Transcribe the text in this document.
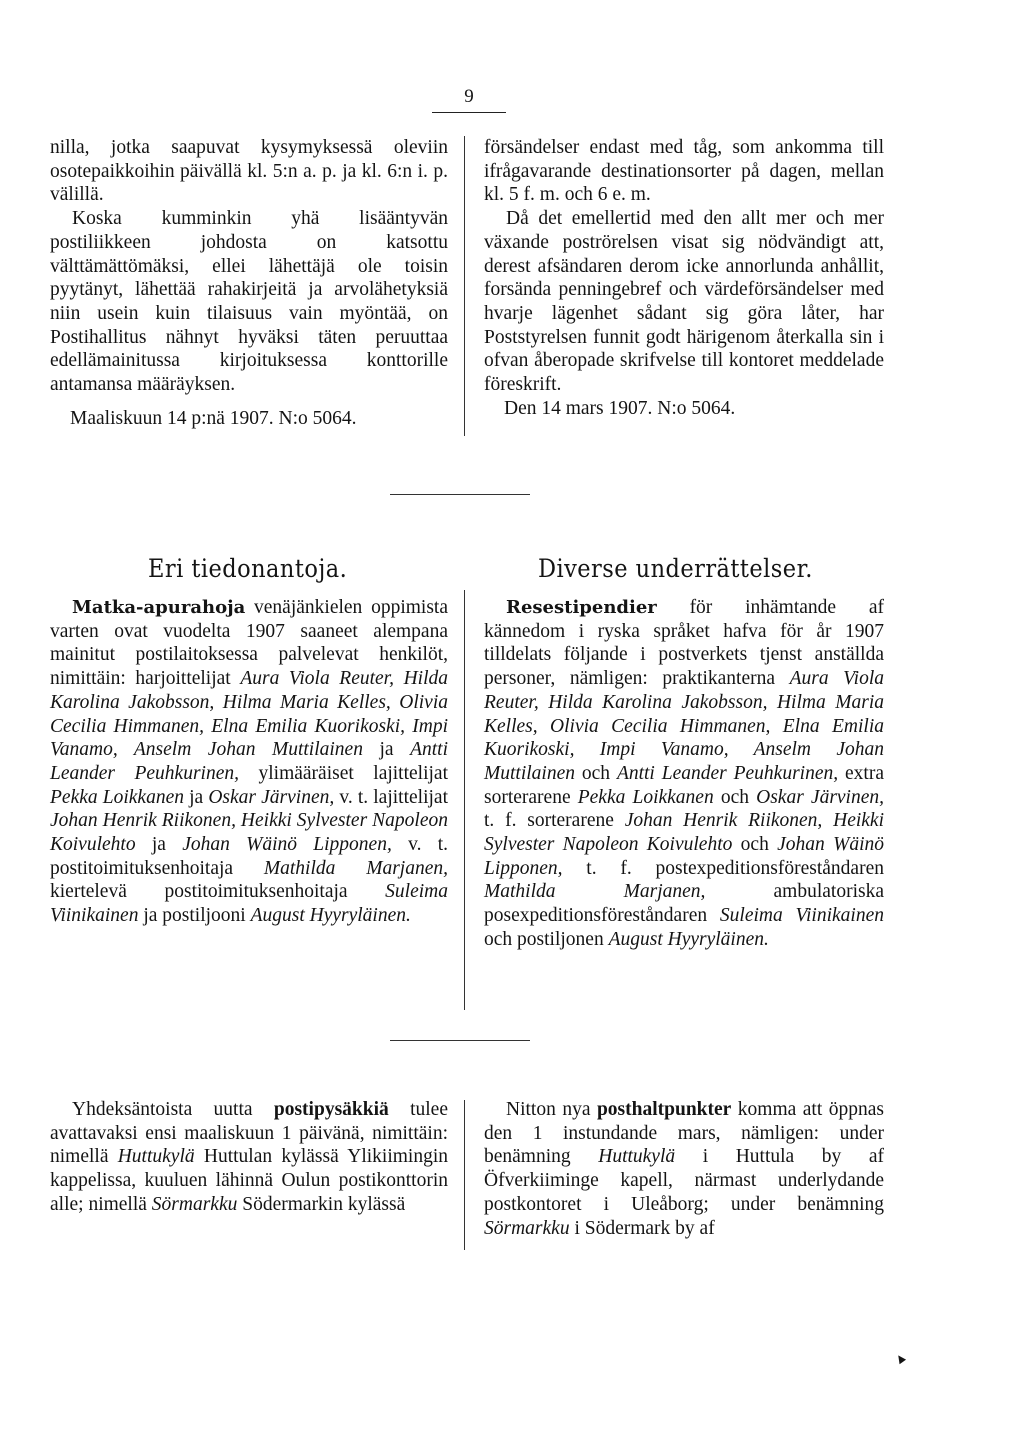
9

nilla, jotka saapuvat kysymyksessä oleviin osotepaikkoihin päivällä kl. 5:n a. p. ja kl. 6:n i. p. välillä.

Koska kumminkin yhä lisääntyvän postiliikkeen johdosta on katsottu välttämättömäksi, ellei lähettäjä ole toisin pyytänyt, lähettää rahakirjeitä ja arvolähetyksiä niin usein kuin tilaisuus vain myöntää, on Postihallitus nähnyt hyväksi täten peruuttaa edellämainitussa kirjoituksessa konttorille antamansa määräyksen.

Maaliskuun 14 p:nä 1907. N:o 5064.

försändelser endast med tåg, som ankomma till ifrågavarande destinationsorter på dagen, mellan kl. 5 f. m. och 6 e. m.

Då det emellertid med den allt mer och mer växande poströrelsen visat sig nödvändigt att, derest afsändaren derom icke annorlunda anhållit, forsända penningebref och värdeförsändelser med hvarje lägenhet sådant sig göra låter, har Poststyrelsen funnit godt härigenom återkalla sin i ofvan åberopade skrifvelse till kontoret meddelade föreskrift.

Den 14 mars 1907. N:o 5064.

Eri tiedonantoja.	Diverse underrättelser.

Matka-apurahoja venäjänkielen oppimista varten ovat vuodelta 1907 saaneet alempana mainitut postilaitoksessa palvelevat henkilöt, nimittäin: harjoittelijat Aura Viola Reuter, Hilda Karolina Jakobsson, Hilma Maria Kelles, Olivia Cecilia Himmanen, Elna Emilia Kuorikoski, Impi Vanamo, Anselm Johan Muttilainen ja Antti Leander Peuhkurinen, ylimääräiset lajittelijat Pekka Loikkanen ja Oskar Järvinen, v. t. lajittelijat Johan Henrik Riikonen, Heikki Sylvester Napoleon Koivulehto ja Johan Wäinö Lipponen, v. t. postitoimituksenhoitaja Mathilda Marjanen, kiertelevä postitoimituksenhoitaja Suleima Viinikainen ja postiljooni August Hyyryläinen.

Resestipendier för inhämtande af kännedom i ryska språket hafva för år 1907 tilldelats följande i postverkets tjenst anställda personer, nämligen: praktikanterna Aura Viola Reuter, Hilda Karolina Jakobsson, Hilma Maria Kelles, Olivia Cecilia Himmanen, Elna Emilia Kuorikoski, Impi Vanamo, Anselm Johan Muttilainen och Antti Leander Peuhkurinen, extra sorterarene Pekka Loikkanen och Oskar Järvinen, t. f. sorterarene Johan Henrik Riikonen, Heikki Sylvester Napoleon Koivulehto och Johan Wäinö Lipponen, t. f. postexpeditionsföreståndaren Mathilda Marjanen, ambulatoriska posexpeditionsföreståndaren Suleima Viinikainen och postiljonen August Hyyryläinen.

Yhdeksäntoista uutta postipysäkkiä tulee avattavaksi ensi maaliskuun 1 päivänä, nimittäin: nimellä Huttukylä Huttulan kylässä Ylikiimingin kappelissa, kuuluen lähinnä Oulun postikonttorin alle; nimellä Sörmarkku Södermarkin kylässä

Nitton nya posthaltpunkter komma att öppnas den 1 instundande mars, nämligen: under benämning Huttukylä i Huttula by af Öfverkiiminge kapell, närmast underlydande postkontoret i Uleåborg; under benämning Sörmarkku i Södermark by af

▴
